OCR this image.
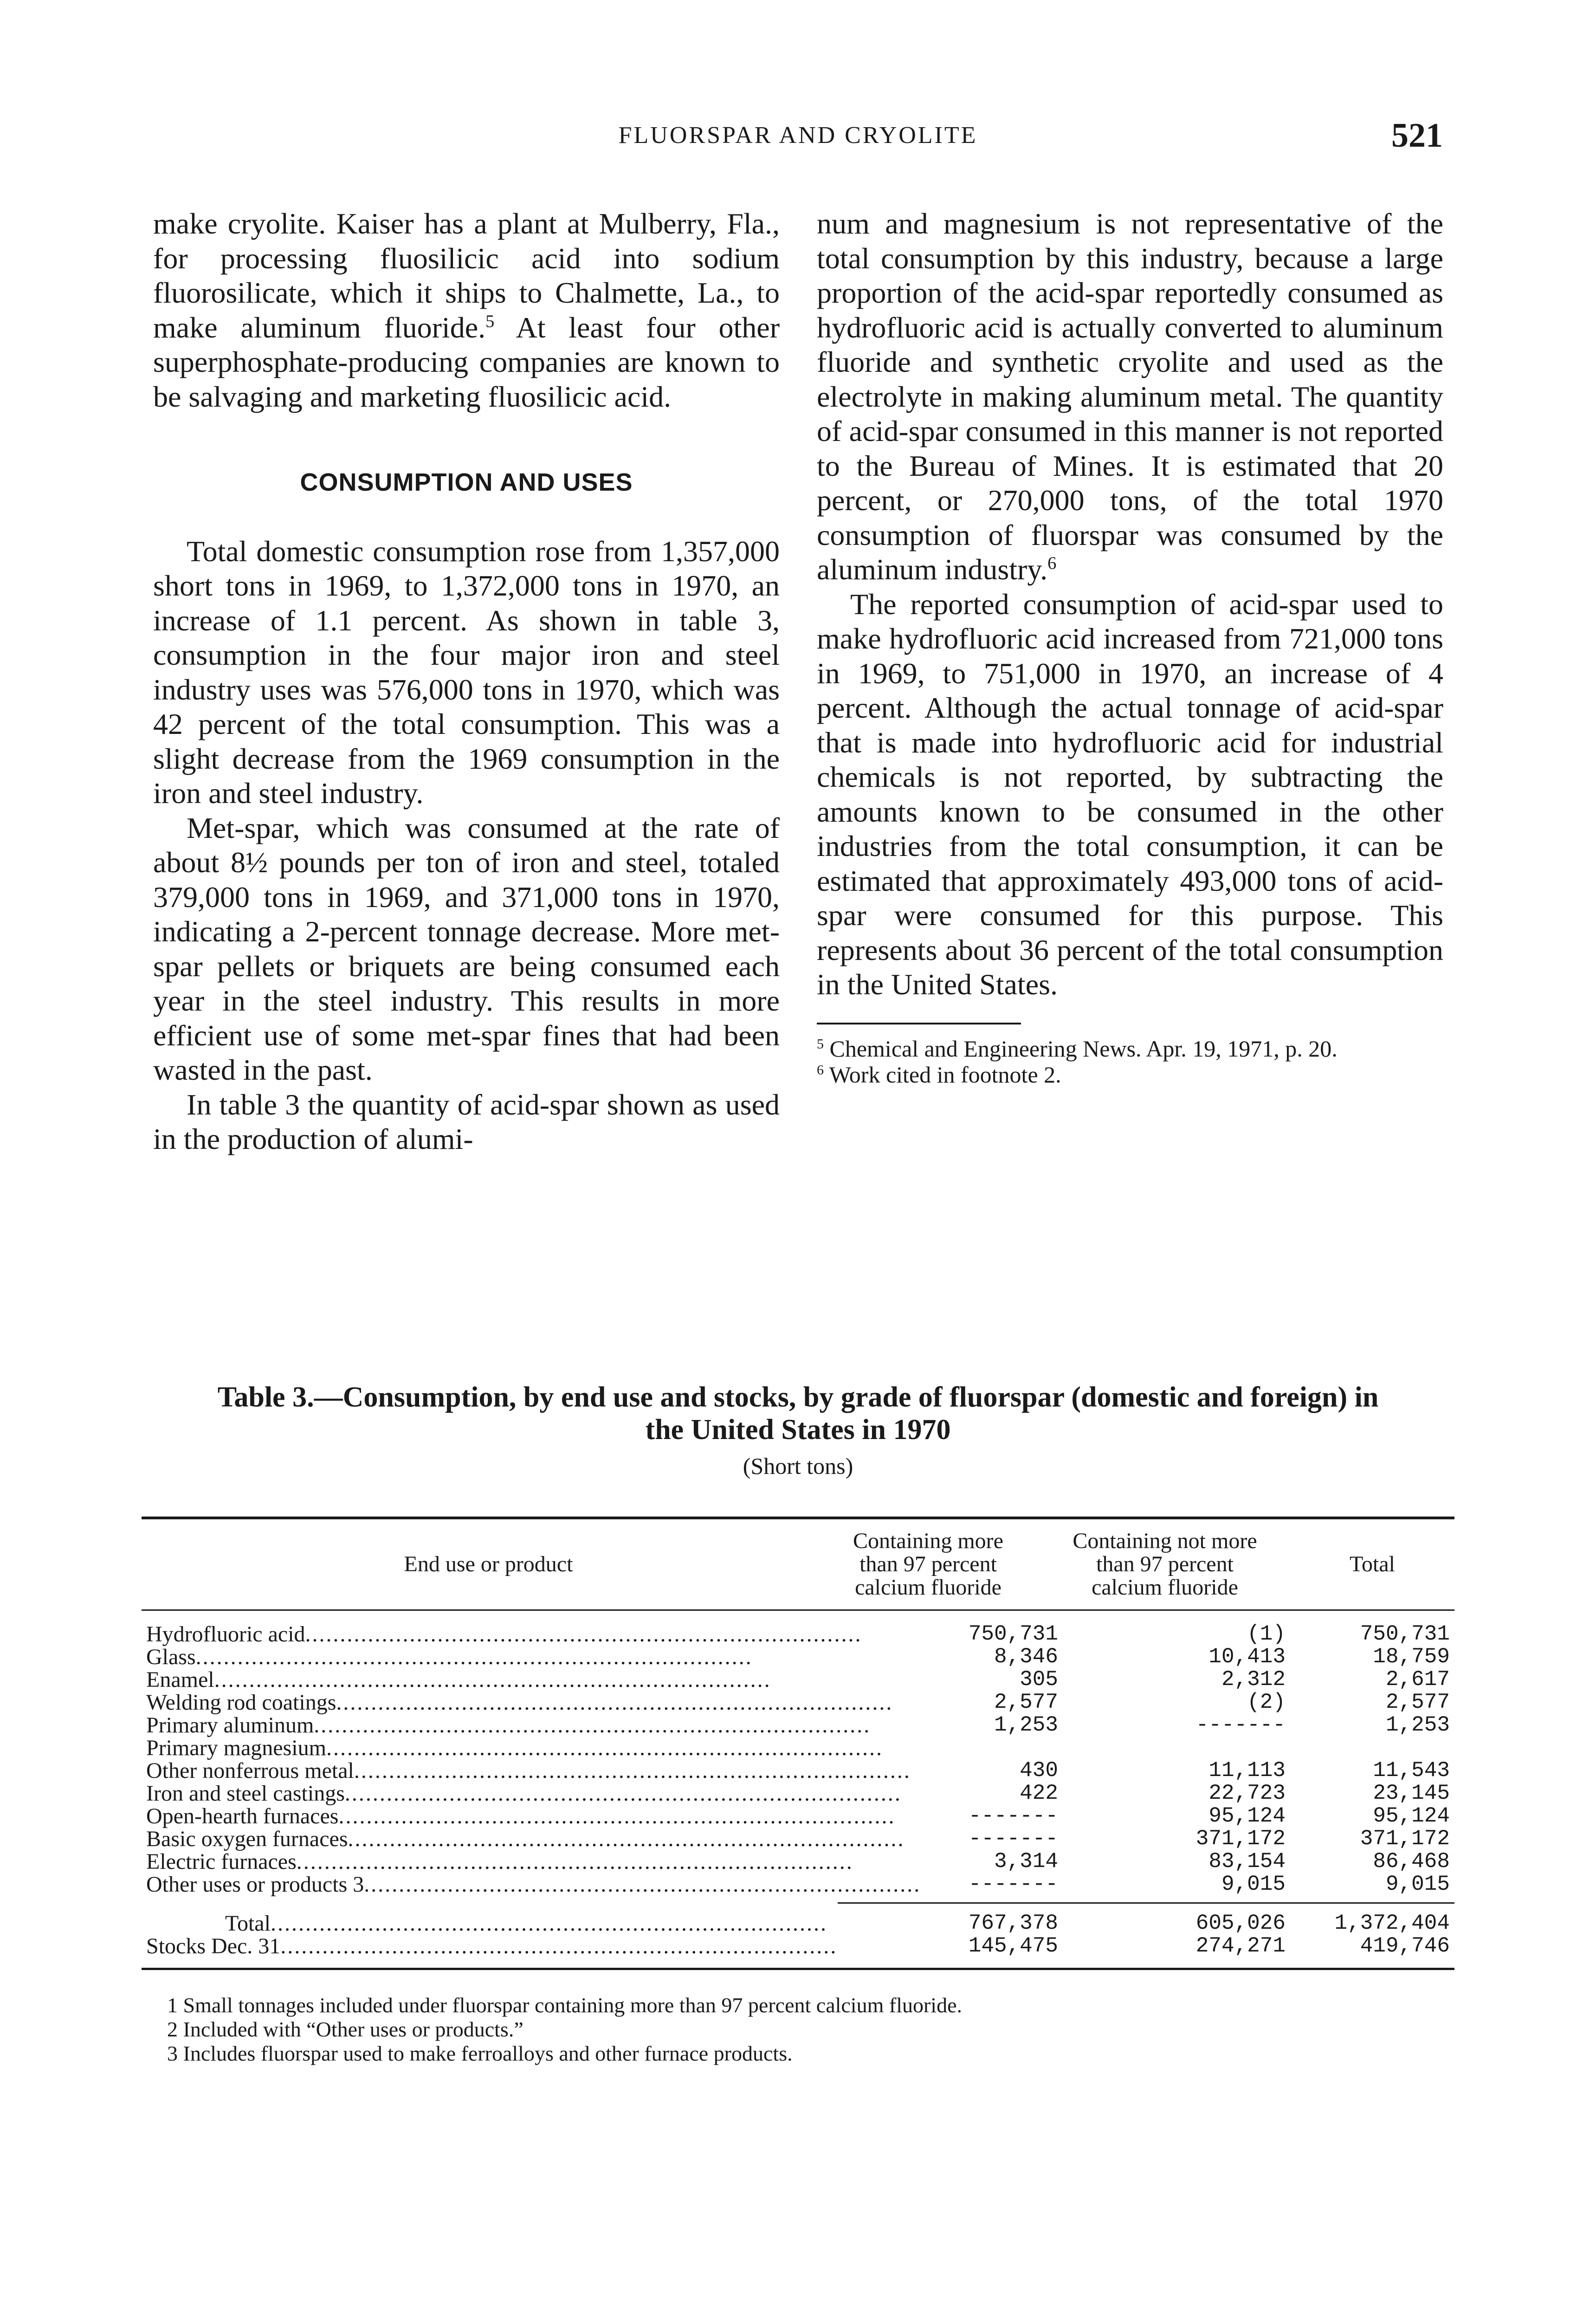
FLUORSPAR AND CRYOLITE	521

make cryolite. Kaiser has a plant at Mulberry, Fla., for processing fluosilicic acid into sodium fluorosilicate, which it ships to Chalmette, La., to make aluminum fluoride.$^5$ At least four other superphosphate-producing companies are known to be salvaging and marketing fluosilicic acid.

CONSUMPTION AND USES

Total domestic consumption rose from 1,357,000 short tons in 1969, to 1,372,000 tons in 1970, an increase of 1.1 percent. As shown in table 3, consumption in the four major iron and steel industry uses was 576,000 tons in 1970, which was 42 percent of the total consumption. This was a slight decrease from the 1969 consumption in the iron and steel industry.

Met-spar, which was consumed at the rate of about 8½ pounds per ton of iron and steel, totaled 379,000 tons in 1969, and 371,000 tons in 1970, indicating a 2-percent tonnage decrease. More met-spar pellets or briquets are being consumed each year in the steel industry. This results in more efficient use of some met-spar fines that had been wasted in the past.

In table 3 the quantity of acid-spar shown as used in the production of alumi-

num and magnesium is not representative of the total consumption by this industry, because a large proportion of the acid-spar reportedly consumed as hydrofluoric acid is actually converted to aluminum fluoride and synthetic cryolite and used as the electrolyte in making aluminum metal. The quantity of acid-spar consumed in this manner is not reported to the Bureau of Mines. It is estimated that 20 percent, or 270,000 tons, of the total 1970 consumption of fluorspar was consumed by the aluminum industry.$^6$

The reported consumption of acid-spar used to make hydrofluoric acid increased from 721,000 tons in 1969, to 751,000 in 1970, an increase of 4 percent. Although the actual tonnage of acid-spar that is made into hydrofluoric acid for industrial chemicals is not reported, by subtracting the amounts known to be consumed in the other industries from the total consumption, it can be estimated that approximately 493,000 tons of acid-spar were consumed for this purpose. This represents about 36 percent of the total consumption in the United States.

$^5$ Chemical and Engineering News. Apr. 19, 1971, p. 20.

$^6$ Work cited in footnote 2.

Table 3.—Consumption, by end use and stocks, by grade of fluorspar (domestic and foreign) in the United States in 1970
(Short tons)
End use or product	Containing more than 97 percent calcium fluoride	Containing not more than 97 percent calcium fluoride	Total

Hydrofluoric acid................................................................................	750,731	(1)	750,731
Glass................................................................................	8,346	10,413	18,759
Enamel................................................................................	305	2,312	2,617
Welding rod coatings................................................................................	2,577	(2)	2,577
Primary aluminum................................................................................	1,253	-------	1,253
Primary magnesium................................................................................			
Other nonferrous metal................................................................................	430	11,113	11,543
Iron and steel castings................................................................................	422	22,723	23,145
Open-hearth furnaces................................................................................	-------	95,124	95,124
Basic oxygen furnaces................................................................................	-------	371,172	371,172
Electric furnaces................................................................................	3,314	83,154	86,468
Other uses or products 3................................................................................	-------	9,015	9,015

Total................................................................................	767,378	605,026	1,372,404
Stocks Dec. 31................................................................................	145,475	274,271	419,746

1 Small tonnages included under fluorspar containing more than 97 percent calcium fluoride.

2 Included with “Other uses or products.”

3 Includes fluorspar used to make ferroalloys and other furnace products.
